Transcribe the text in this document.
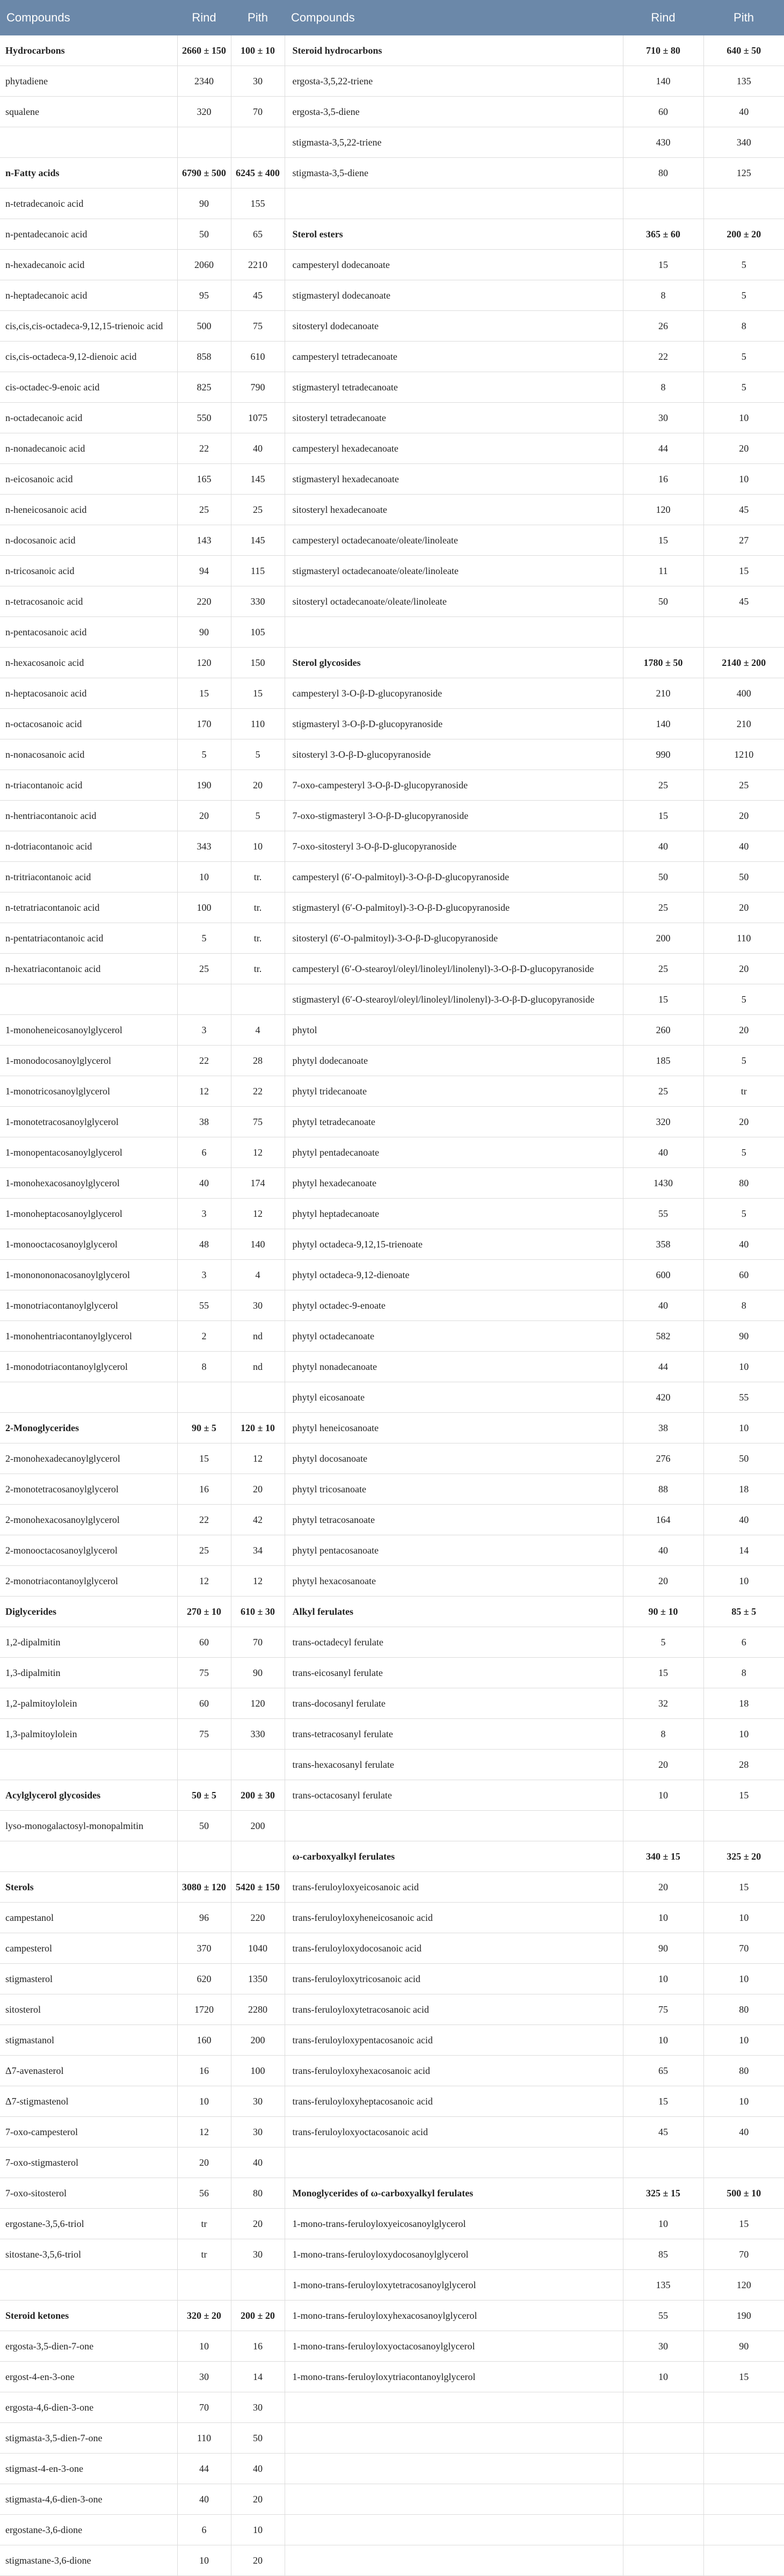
Compounds	Rind	Pith	Compounds	Rind	Pith
Hydrocarbons	2660 ± 150	100 ± 10	Steroid hydrocarbons	710 ± 80	640 ± 50
phytadiene	2340	30	ergosta-3,5,22-triene	140	135
squalene	320	70	ergosta-3,5-diene	60	40
			stigmasta-3,5,22-triene	430	340
n-Fatty acids	6790 ± 500	6245 ± 400	stigmasta-3,5-diene	80	125
n-tetradecanoic acid	90	155			
n-pentadecanoic acid	50	65	Sterol esters	365 ± 60	200 ± 20
n-hexadecanoic acid	2060	2210	campesteryl dodecanoate	15	5
n-heptadecanoic acid	95	45	stigmasteryl dodecanoate	8	5
cis,cis,cis-octadeca-9,12,15-trienoic acid	500	75	sitosteryl dodecanoate	26	8
cis,cis-octadeca-9,12-dienoic acid	858	610	campesteryl tetradecanoate	22	5
cis-octadec-9-enoic acid	825	790	stigmasteryl tetradecanoate	8	5
n-octadecanoic acid	550	1075	sitosteryl tetradecanoate	30	10
n-nonadecanoic acid	22	40	campesteryl hexadecanoate	44	20
n-eicosanoic acid	165	145	stigmasteryl hexadecanoate	16	10
n-heneicosanoic acid	25	25	sitosteryl hexadecanoate	120	45
n-docosanoic acid	143	145	campesteryl octadecanoate/oleate/linoleate	15	27
n-tricosanoic acid	94	115	stigmasteryl octadecanoate/oleate/linoleate	11	15
n-tetracosanoic acid	220	330	sitosteryl octadecanoate/oleate/linoleate	50	45
n-pentacosanoic acid	90	105			
n-hexacosanoic acid	120	150	Sterol glycosides	1780 ± 50	2140 ± 200
n-heptacosanoic acid	15	15	campesteryl 3-O-β-D-glucopyranoside	210	400
n-octacosanoic acid	170	110	stigmasteryl 3-O-β-D-glucopyranoside	140	210
n-nonacosanoic acid	5	5	sitosteryl 3-O-β-D-glucopyranoside	990	1210
n-triacontanoic acid	190	20	7-oxo-campesteryl 3-O-β-D-glucopyranoside	25	25
n-hentriacontanoic acid	20	5	7-oxo-stigmasteryl 3-O-β-D-glucopyranoside	15	20
n-dotriacontanoic acid	343	10	7-oxo-sitosteryl 3-O-β-D-glucopyranoside	40	40
n-tritriacontanoic acid	10	tr.	campesteryl (6′-O-palmitoyl)-3-O-β-D-glucopyranoside	50	50
n-tetratriacontanoic acid	100	tr.	stigmasteryl (6′-O-palmitoyl)-3-O-β-D-glucopyranoside	25	20
n-pentatriacontanoic acid	5	tr.	sitosteryl (6′-O-palmitoyl)-3-O-β-D-glucopyranoside	200	110
n-hexatriacontanoic acid	25	tr.	campesteryl (6′-O-stearoyl/oleyl/linoleyl/linolenyl)-3-O-β-D-glucopyranoside	25	20
			stigmasteryl (6′-O-stearoyl/oleyl/linoleyl/linolenyl)-3-O-β-D-glucopyranoside	15	5
1-monoheneicosanoylglycerol	3	4	phytol	260	20
1-monodocosanoylglycerol	22	28	phytyl dodecanoate	185	5
1-monotricosanoylglycerol	12	22	phytyl tridecanoate	25	tr
1-monotetracosanoylglycerol	38	75	phytyl tetradecanoate	320	20
1-monopentacosanoylglycerol	6	12	phytyl pentadecanoate	40	5
1-monohexacosanoylglycerol	40	174	phytyl hexadecanoate	1430	80
1-monoheptacosanoylglycerol	3	12	phytyl heptadecanoate	55	5
1-monooctacosanoylglycerol	48	140	phytyl octadeca-9,12,15-trienoate	358	40
1-mononononacosanoylglycerol	3	4	phytyl octadeca-9,12-dienoate	600	60
1-monotriacontanoylglycerol	55	30	phytyl octadec-9-enoate	40	8
1-monohentriacontanoylglycerol	2	nd	phytyl octadecanoate	582	90
1-monodotriacontanoylglycerol	8	nd	phytyl nonadecanoate	44	10
			phytyl eicosanoate	420	55
2-Monoglycerides	90 ± 5	120 ± 10	phytyl heneicosanoate	38	10
2-monohexadecanoylglycerol	15	12	phytyl docosanoate	276	50
2-monotetracosanoylglycerol	16	20	phytyl tricosanoate	88	18
2-monohexacosanoylglycerol	22	42	phytyl tetracosanoate	164	40
2-monooctacosanoylglycerol	25	34	phytyl pentacosanoate	40	14
2-monotriacontanoylglycerol	12	12	phytyl hexacosanoate	20	10
Diglycerides	270 ± 10	610 ± 30	Alkyl ferulates	90 ± 10	85 ± 5
1,2-dipalmitin	60	70	trans-octadecyl ferulate	5	6
1,3-dipalmitin	75	90	trans-eicosanyl ferulate	15	8
1,2-palmitoylolein	60	120	trans-docosanyl ferulate	32	18
1,3-palmitoylolein	75	330	trans-tetracosanyl ferulate	8	10
			trans-hexacosanyl ferulate	20	28
Acylglycerol glycosides	50 ± 5	200 ± 30	trans-octacosanyl ferulate	10	15
lyso-monogalactosyl-monopalmitin	50	200			
			ω-carboxyalkyl ferulates	340 ± 15	325 ± 20
Sterols	3080 ± 120	5420 ± 150	trans-feruloyloxyeicosanoic acid	20	15
campestanol	96	220	trans-feruloyloxyheneicosanoic acid	10	10
campesterol	370	1040	trans-feruloyloxydocosanoic acid	90	70
stigmasterol	620	1350	trans-feruloyloxytricosanoic acid	10	10
sitosterol	1720	2280	trans-feruloyloxytetracosanoic acid	75	80
stigmastanol	160	200	trans-feruloyloxypentacosanoic acid	10	10
Δ7-avenasterol	16	100	trans-feruloyloxyhexacosanoic acid	65	80
Δ7-stigmastenol	10	30	trans-feruloyloxyheptacosanoic acid	15	10
7-oxo-campesterol	12	30	trans-feruloyloxyoctacosanoic acid	45	40
7-oxo-stigmasterol	20	40			
7-oxo-sitosterol	56	80	Monoglycerides of ω-carboxyalkyl ferulates	325 ± 15	500 ± 10
ergostane-3,5,6-triol	tr	20	1-mono-trans-feruloyloxyeicosanoylglycerol	10	15
sitostane-3,5,6-triol	tr	30	1-mono-trans-feruloyloxydocosanoylglycerol	85	70
			1-mono-trans-feruloyloxytetracosanoylglycerol	135	120
Steroid ketones	320 ± 20	200 ± 20	1-mono-trans-feruloyloxyhexacosanoylglycerol	55	190
ergosta-3,5-dien-7-one	10	16	1-mono-trans-feruloyloxyoctacosanoylglycerol	30	90
ergost-4-en-3-one	30	14	1-mono-trans-feruloyloxytriacontanoylglycerol	10	15
ergosta-4,6-dien-3-one	70	30			
stigmasta-3,5-dien-7-one	110	50			
stigmast-4-en-3-one	44	40			
stigmasta-4,6-dien-3-one	40	20			
ergostane-3,6-dione	6	10			
stigmastane-3,6-dione	10	20			
